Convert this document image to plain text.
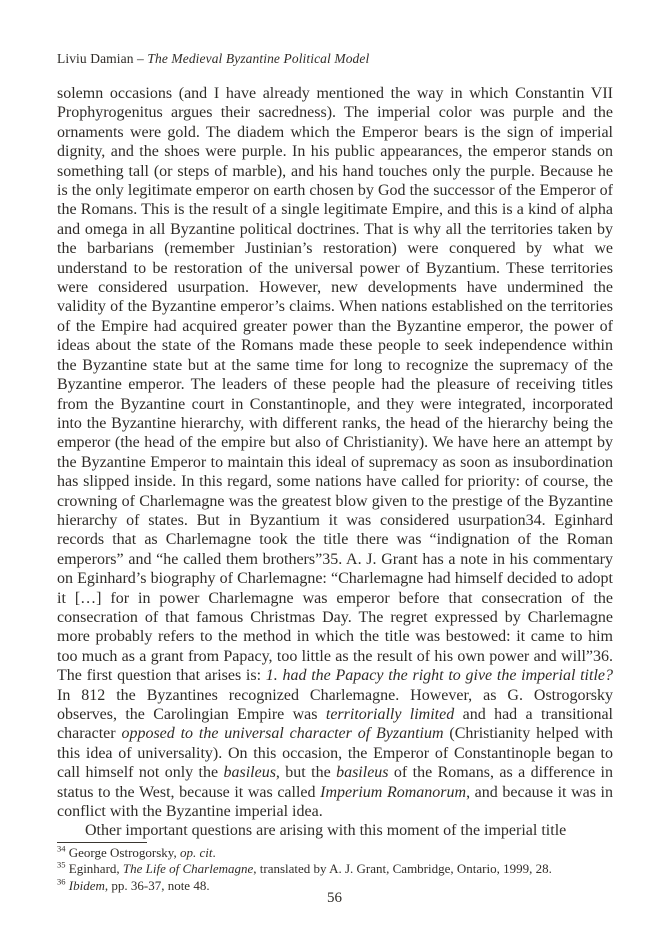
Liviu Damian – The Medieval Byzantine Political Model

solemn occasions (and I have already mentioned the way in which Constantin VII Prophyrogenitus argues their sacredness). The imperial color was purple and the ornaments were gold. The diadem which the Emperor bears is the sign of imperial dignity, and the shoes were purple. In his public appearances, the emperor stands on something tall (or steps of marble), and his hand touches only the purple. Because he is the only legitimate emperor on earth chosen by God the successor of the Emperor of the Romans. This is the result of a single legitimate Empire, and this is a kind of alpha and omega in all Byzantine political doctrines. That is why all the territories taken by the barbarians (remember Justinian’s restoration) were conquered by what we understand to be restoration of the universal power of Byzantium. These territories were considered usurpation. However, new developments have undermined the validity of the Byzantine emperor’s claims. When nations established on the territories of the Empire had acquired greater power than the Byzantine emperor, the power of ideas about the state of the Romans made these people to seek independence within the Byzantine state but at the same time for long to recognize the supremacy of the Byzantine emperor. The leaders of these people had the pleasure of receiving titles from the Byzantine court in Constantinople, and they were integrated, incorporated into the Byzantine hierarchy, with different ranks, the head of the hierarchy being the emperor (the head of the empire but also of Christianity). We have here an attempt by the Byzantine Emperor to maintain this ideal of supremacy as soon as insubordination has slipped inside. In this regard, some nations have called for priority: of course, the crowning of Charlemagne was the greatest blow given to the prestige of the Byzantine hierarchy of states. But in Byzantium it was considered usurpation34. Eginhard records that as Charlemagne took the title there was “indignation of the Roman emperors” and “he called them brothers”35. A. J. Grant has a note in his commentary on Eginhard’s biography of Charlemagne: “Charlemagne had himself decided to adopt it […] for in power Charlemagne was emperor before that consecration of the consecration of that famous Christmas Day. The regret expressed by Charlemagne more probably refers to the method in which the title was bestowed: it came to him too much as a grant from Papacy, too little as the result of his own power and will”36. The first question that arises is: 1. had the Papacy the right to give the imperial title? In 812 the Byzantines recognized Charlemagne. However, as G. Ostrogorsky observes, the Carolingian Empire was territorially limited and had a transitional character opposed to the universal character of Byzantium (Christianity helped with this idea of universality). On this occasion, the Emperor of Constantinople began to call himself not only the basileus, but the basileus of the Romans, as a difference in status to the West, because it was called Imperium Romanorum, and because it was in conflict with the Byzantine imperial idea.

Other important questions are arising with this moment of the imperial title

$^{34}$ George Ostrogorsky, op. cit.

$^{35}$ Eginhard, The Life of Charlemagne, translated by A. J. Grant, Cambridge, Ontario, 1999, 28.

$^{36}$ Ibidem, pp. 36-37, note 48.

56
